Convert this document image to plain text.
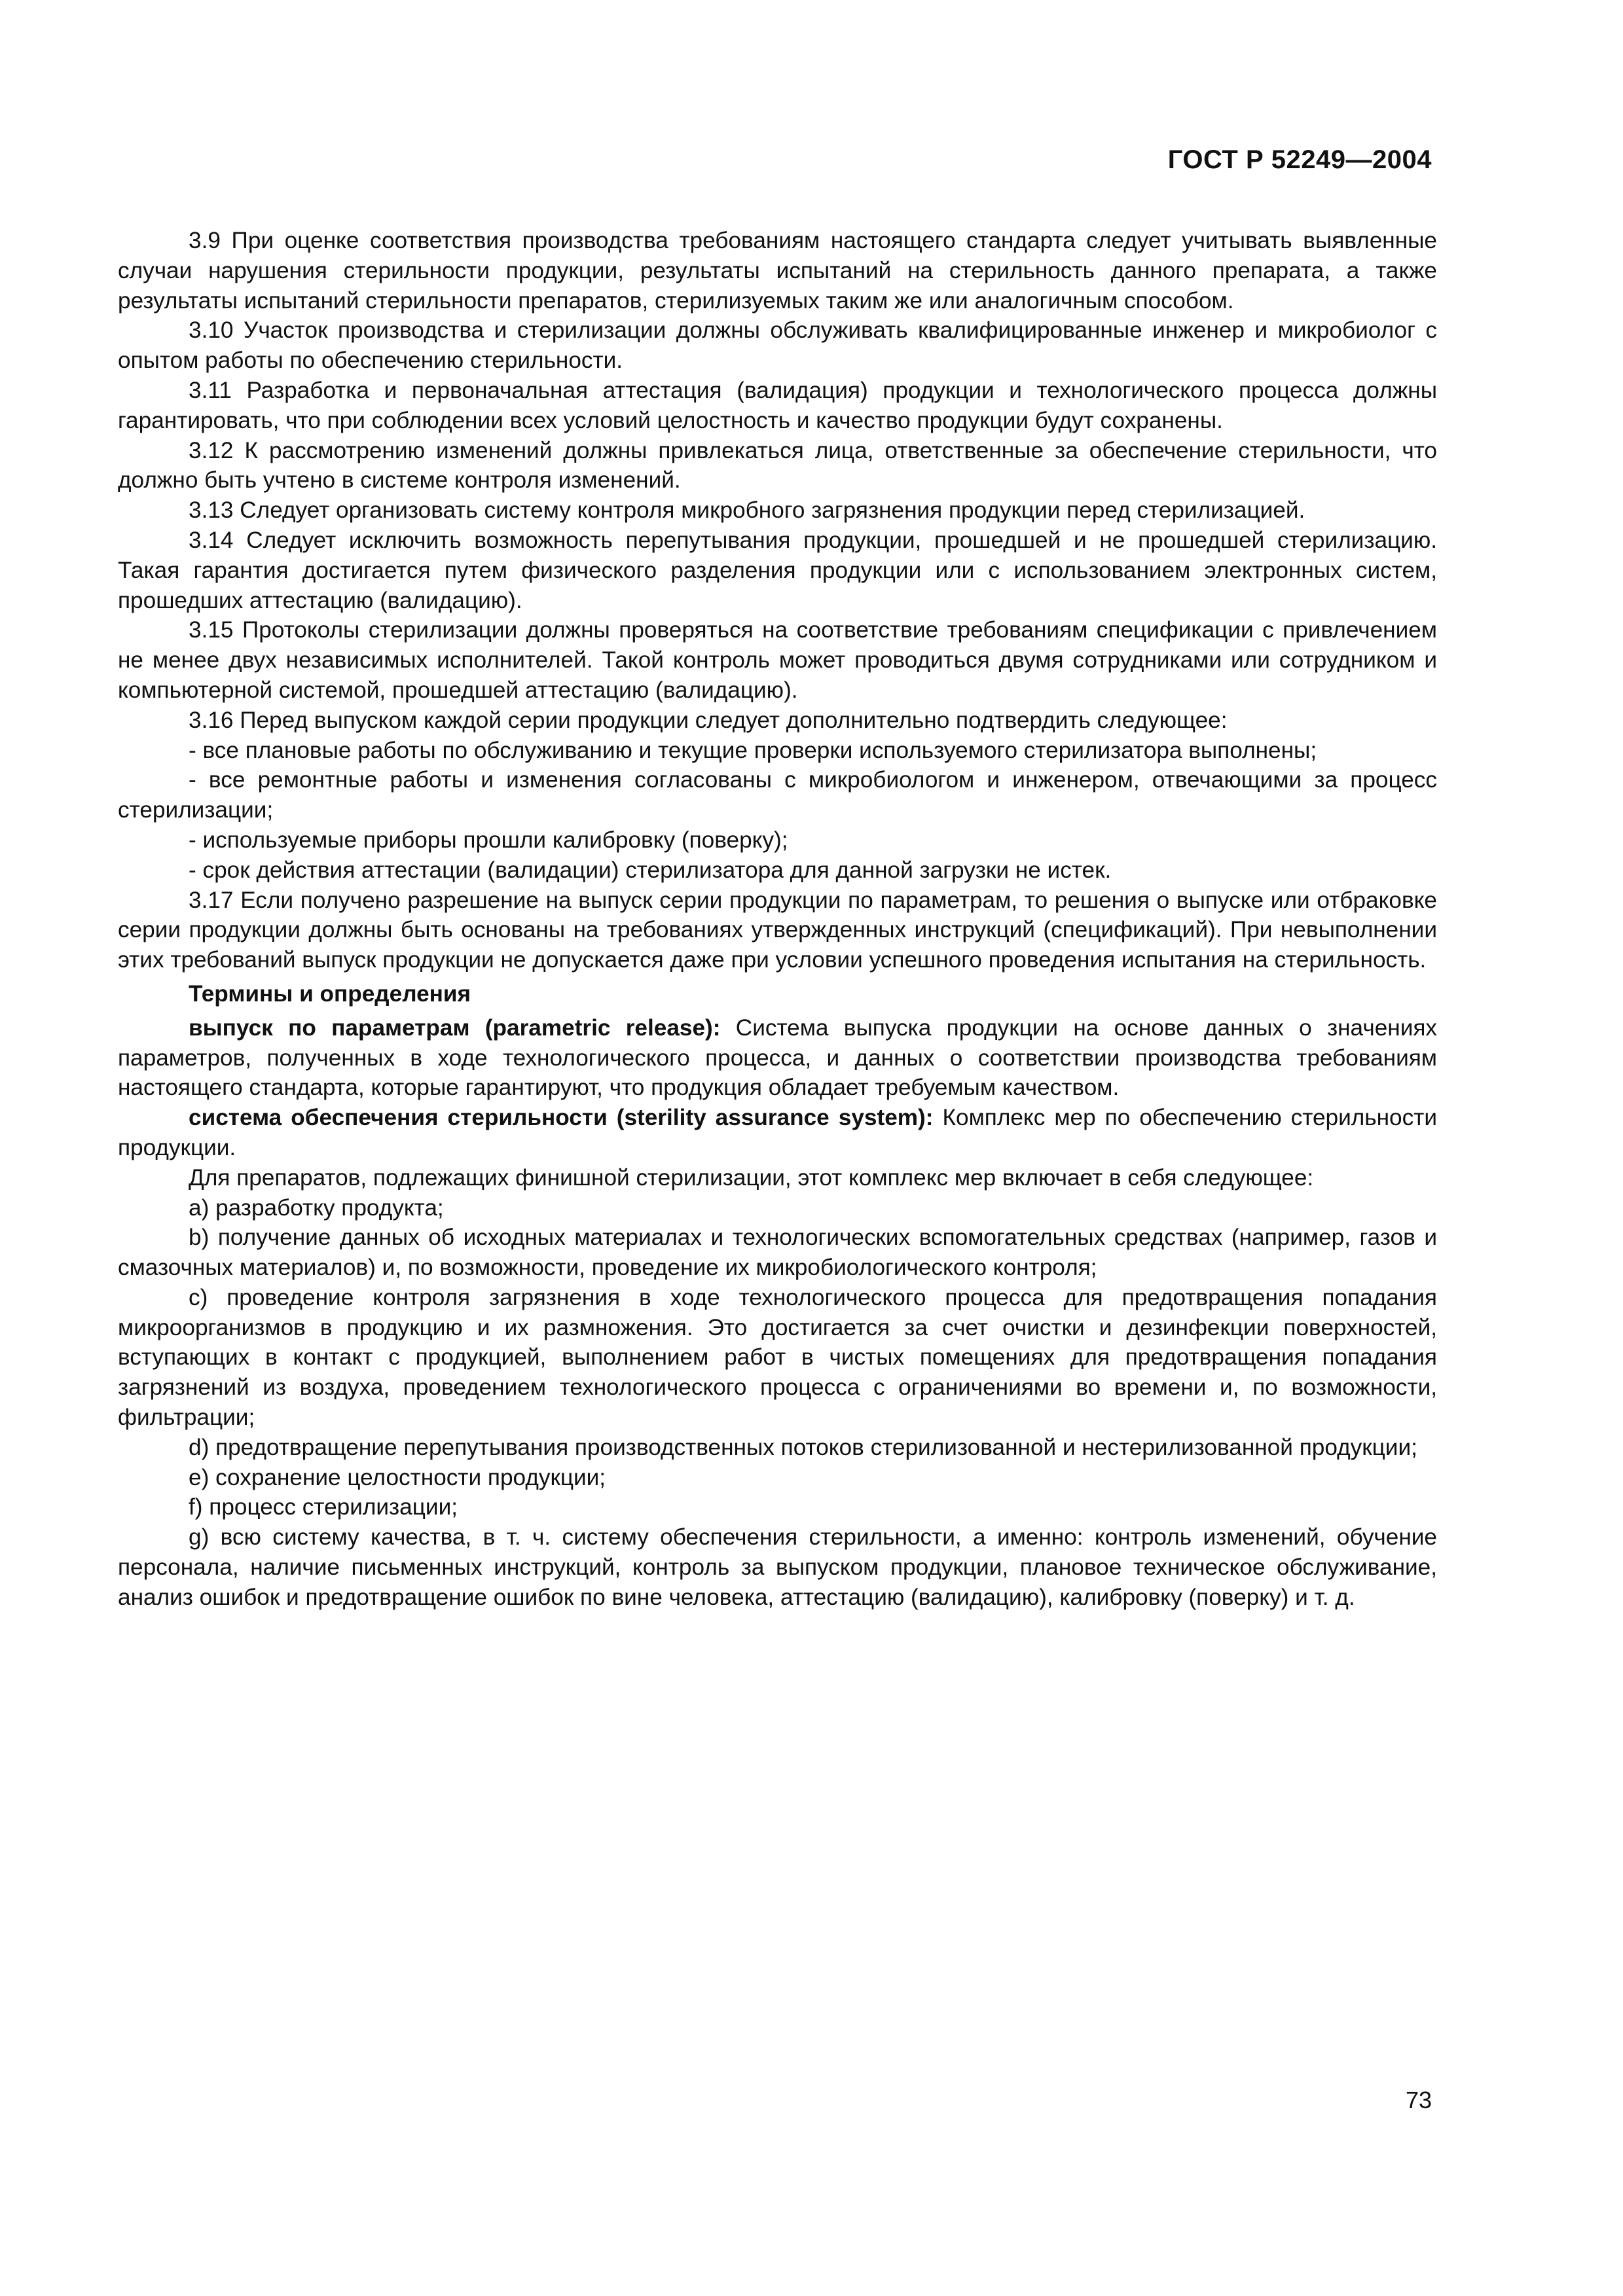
ГОСТ Р 52249—2004

3.9 При оценке соответствия производства требованиям настоящего стандарта следует учитывать выявленные случаи нарушения стерильности продукции, результаты испытаний на стерильность данного препарата, а также результаты испытаний стерильности препаратов, стерилизуемых таким же или аналогичным способом.

3.10 Участок производства и стерилизации должны обслуживать квалифицированные инженер и микробиолог с опытом работы по обеспечению стерильности.

3.11 Разработка и первоначальная аттестация (валидация) продукции и технологического процесса должны гарантировать, что при соблюдении всех условий целостность и качество продукции будут сохранены.

3.12 К рассмотрению изменений должны привлекаться лица, ответственные за обеспечение стерильности, что должно быть учтено в системе контроля изменений.

3.13 Следует организовать систему контроля микробного загрязнения продукции перед стерилизацией.

3.14 Следует исключить возможность перепутывания продукции, прошедшей и не прошедшей стерилизацию. Такая гарантия достигается путем физического разделения продукции или с использованием электронных систем, прошедших аттестацию (валидацию).

3.15 Протоколы стерилизации должны проверяться на соответствие требованиям спецификации с привлечением не менее двух независимых исполнителей. Такой контроль может проводиться двумя сотрудниками или сотрудником и компьютерной системой, прошедшей аттестацию (валидацию).

3.16 Перед выпуском каждой серии продукции следует дополнительно подтвердить следующее:

- все плановые работы по обслуживанию и текущие проверки используемого стерилизатора выполнены;

- все ремонтные работы и изменения согласованы с микробиологом и инженером, отвечающими за процесс стерилизации;

- используемые приборы прошли калибровку (поверку);

- срок действия аттестации (валидации) стерилизатора для данной загрузки не истек.

3.17 Если получено разрешение на выпуск серии продукции по параметрам, то решения о выпуске или отбраковке серии продукции должны быть основаны на требованиях утвержденных инструкций (спецификаций). При невыполнении этих требований выпуск продукции не допускается даже при условии успешного проведения испытания на стерильность.

Термины и определения

выпуск по параметрам (parametric release): Система выпуска продукции на основе данных о значениях параметров, полученных в ходе технологического процесса, и данных о соответствии производства требованиям настоящего стандарта, которые гарантируют, что продукция обладает требуемым качеством.

система обеспечения стерильности (sterility assurance system): Комплекс мер по обеспечению стерильности продукции.

Для препаратов, подлежащих финишной стерилизации, этот комплекс мер включает в себя следующее:

a) разработку продукта;

b) получение данных об исходных материалах и технологических вспомогательных средствах (например, газов и смазочных материалов) и, по возможности, проведение их микробиологического контроля;

c) проведение контроля загрязнения в ходе технологического процесса для предотвращения попадания микроорганизмов в продукцию и их размножения. Это достигается за счет очистки и дезинфекции поверхностей, вступающих в контакт с продукцией, выполнением работ в чистых помещениях для предотвращения попадания загрязнений из воздуха, проведением технологического процесса с ограничениями во времени и, по возможности, фильтрации;

d) предотвращение перепутывания производственных потоков стерилизованной и нестерилизованной продукции;

e) сохранение целостности продукции;

f) процесс стерилизации;

g) всю систему качества, в т. ч. систему обеспечения стерильности, а именно: контроль изменений, обучение персонала, наличие письменных инструкций, контроль за выпуском продукции, плановое техническое обслуживание, анализ ошибок и предотвращение ошибок по вине человека, аттестацию (валидацию), калибровку (поверку) и т. д.

73
